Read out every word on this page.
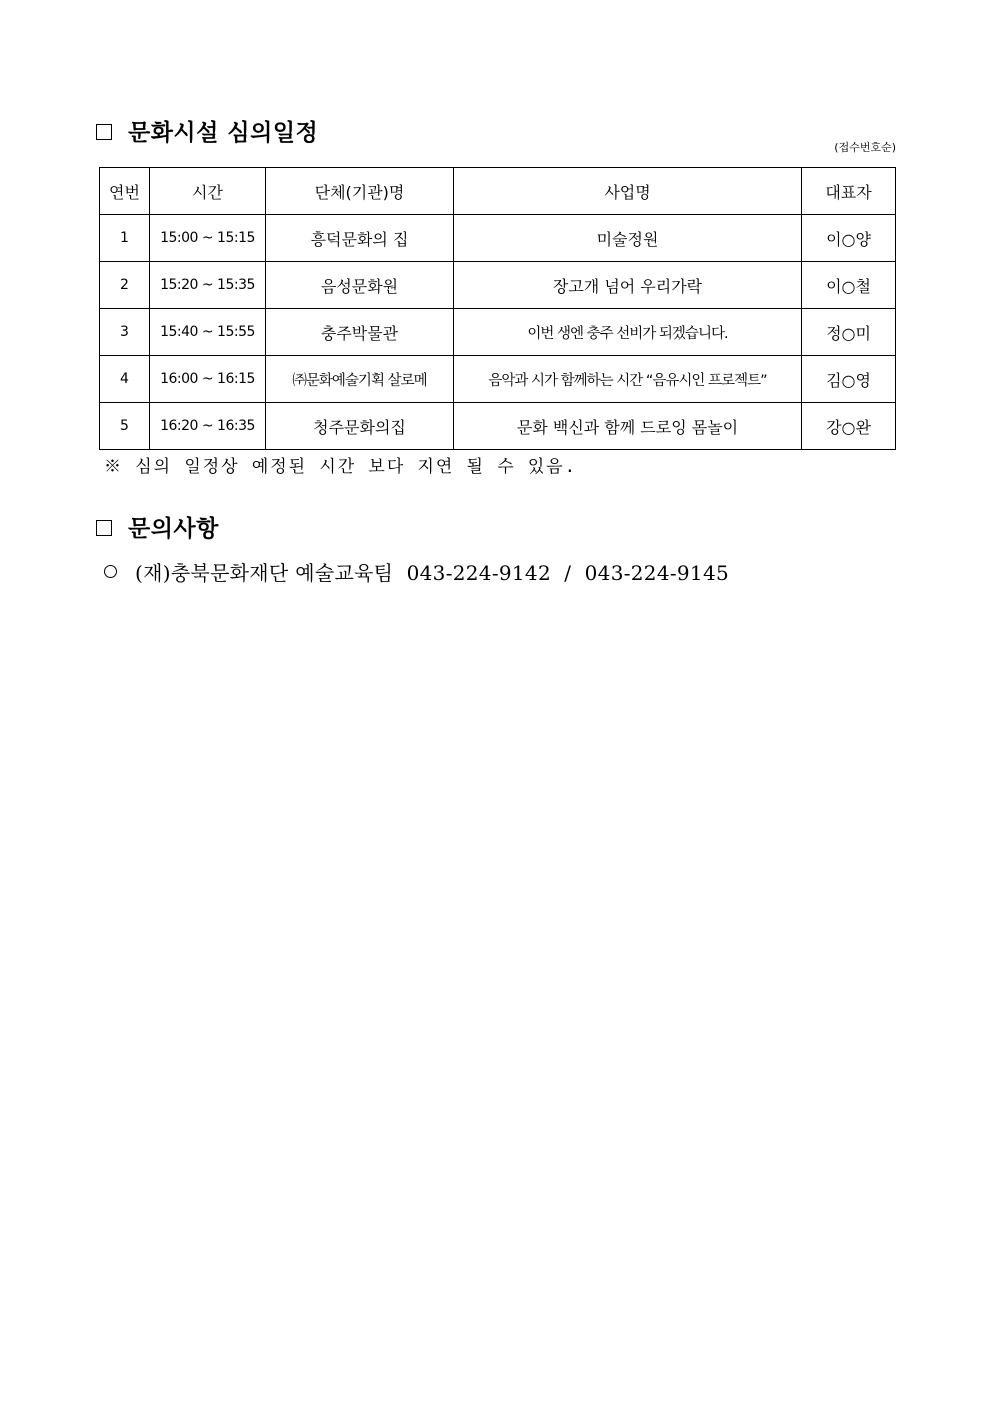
문화시설 심의일정
(접수번호순)
연번	시간	단체(기관)명	사업명	대표자
1	15:00 ~ 15:15	흥덕문화의 집	미술정원	이○양
2	15:20 ~ 15:35	음성문화원	장고개 넘어 우리가락	이○철
3	15:40 ~ 15:55	충주박물관	이번 생엔 충주 선비가 되겠습니다.	정○미
4	16:00 ~ 16:15	㈜문화예술기획 살로메	음악과 시가 함께하는 시간 “음유시인 프로젝트”	김○영
5	16:20 ~ 16:35	청주문화의집	문화 백신과 함께 드로잉 몸놀이	강○완
※ 심의 일정상 예정된 시간 보다 지연 될 수 있음.
문의사항
(재)충북문화재단 예술교육팀  043-224-9142  /  043-224-9145
